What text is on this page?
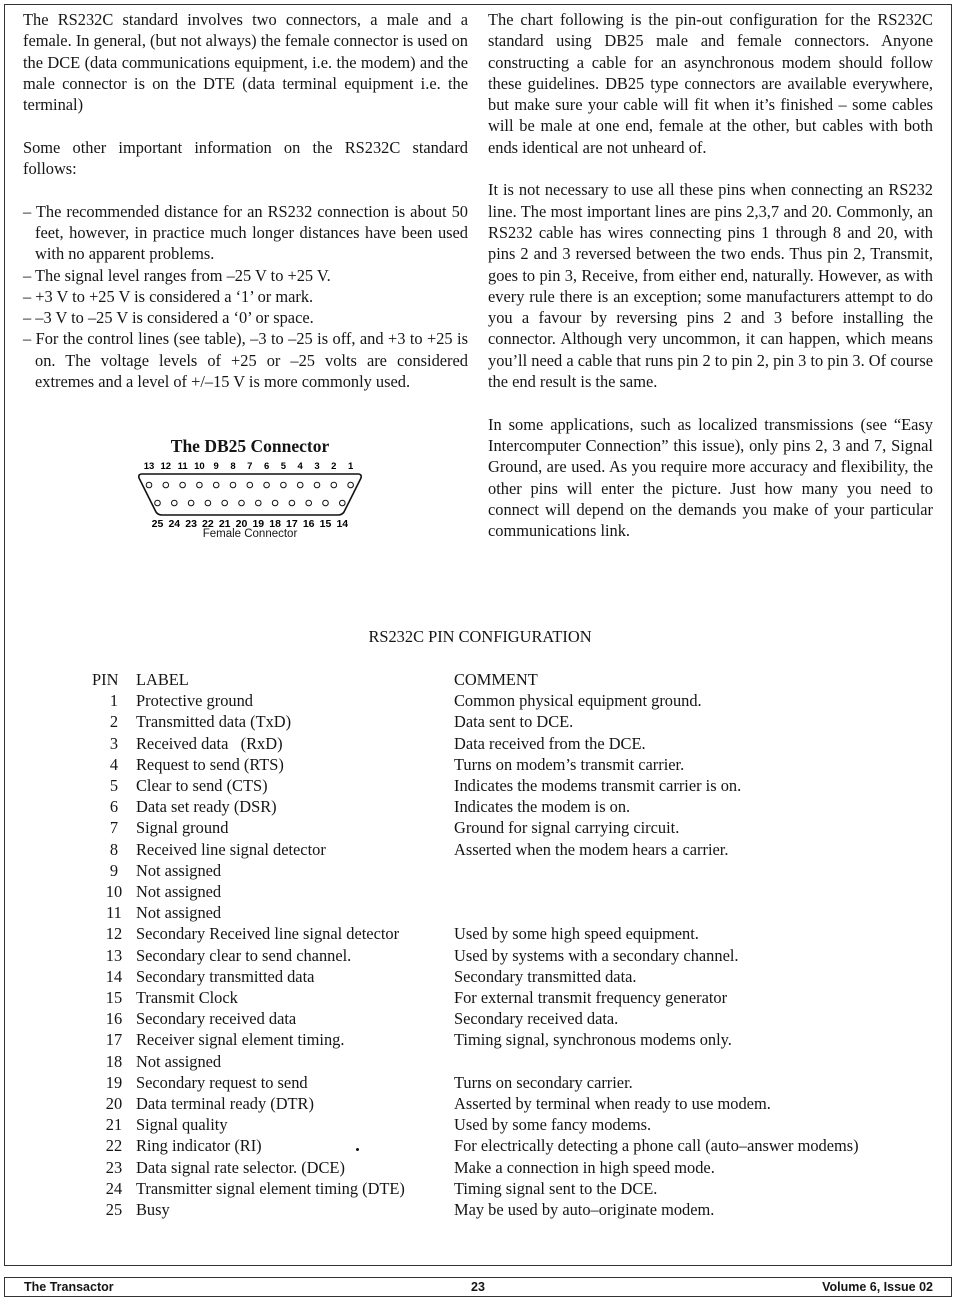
The RS232C standard involves two connectors, a male and a female. In general, (but not always) the female connector is used on the DCE (data communications equipment, i.e. the modem) and the male connector is on the DTE (data terminal equipment i.e. the terminal)

Some other important information on the RS232C standard follows:

– The recommended distance for an RS232 connection is about 50 feet, however, in practice much longer distances have been used with no apparent problems.
– The signal level ranges from –25 V to +25 V.
– +3 V to +25 V is considered a ‘1’ or mark.
– –3 V to –25 V is considered a ‘0’ or space.
– For the control lines (see table), –3 to –25 is off, and +3 to +25 is on. The voltage levels of +25 or –25 volts are considered extremes and a level of +/–15 V is more commonly used.

The chart following is the pin-out configuration for the RS232C standard using DB25 male and female connectors. Anyone constructing a cable for an asynchronous modem should follow these guidelines. DB25 type connectors are available everywhere, but make sure your cable will fit when it’s finished – some cables will be male at one end, female at the other, but cables with both ends identical are not unheard of.

It is not necessary to use all these pins when connecting an RS232 line. The most important lines are pins 2,3,7 and 20. Commonly, an RS232 cable has wires connecting pins 1 through 8 and 20, with pins 2 and 3 reversed between the two ends. Thus pin 2, Transmit, goes to pin 3, Receive, from either end, naturally. However, as with every rule there is an exception; some manufacturers attempt to do you a favour by reversing pins 2 and 3 before installing the connector. Although very uncommon, it can happen, which means you’ll need a cable that runs pin 2 to pin 2, pin 3 to pin 3. Of course the end result is the same.

In some applications, such as localized transmissions (see “Easy Intercomputer Connection” this issue), only pins 2, 3 and 7, Signal Ground, are used. As you require more accuracy and flexibility, the other pins will enter the picture. Just how many you need to connect will depend on the demands you make of your particular communications link.

The DB25 Connector
13 12 11 10 9 8 7 6 5 4 3 2 1
25 24 23 22 21 20 19 18 17 16 15 14
Female Connector
RS232C PIN CONFIGURATION
PIN	LABEL	COMMENT
1	Protective ground	Common physical equipment ground.
2	Transmitted data (TxD)	Data sent to DCE.
3	Received data   (RxD)	Data received from the DCE.
4	Request to send (RTS)	Turns on modem’s transmit carrier.
5	Clear to send (CTS)	Indicates the modems transmit carrier is on.
6	Data set ready (DSR)	Indicates the modem is on.
7	Signal ground	Ground for signal carrying circuit.
8	Received line signal detector	Asserted when the modem hears a carrier.
9	Not assigned	
10	Not assigned	
11	Not assigned	
12	Secondary Received line signal detector	Used by some high speed equipment.
13	Secondary clear to send channel.	Used by systems with a secondary channel.
14	Secondary transmitted data	Secondary transmitted data.
15	Transmit Clock	For external transmit frequency generator
16	Secondary received data	Secondary received data.
17	Receiver signal element timing.	Timing signal, synchronous modems only.
18	Not assigned	
19	Secondary request to send	Turns on secondary carrier.
20	Data terminal ready (DTR)	Asserted by terminal when ready to use modem.
21	Signal quality	Used by some fancy modems.
22	Ring indicator (RI)	For electrically detecting a phone call (auto–answer modems)
23	Data signal rate selector. (DCE)	Make a connection in high speed mode.
24	Transmitter signal element timing (DTE)	Timing signal sent to the DCE.
25	Busy	May be used by auto–originate modem.
The Transactor	23	Volume 6, Issue 02
